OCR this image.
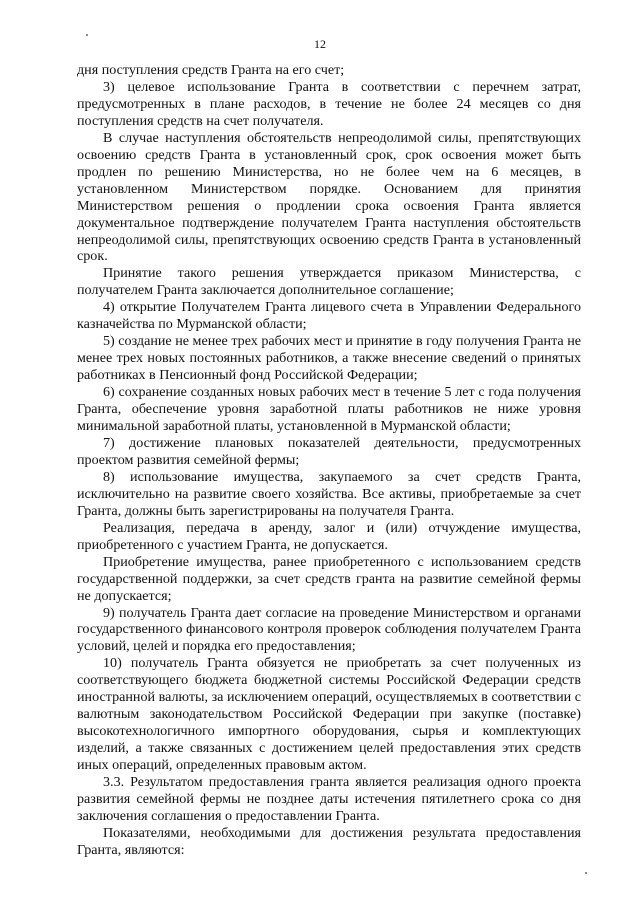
12

дня поступления средств Гранта на его счет;

3) целевое использование Гранта в соответствии с перечнем затрат, предусмотренных в плане расходов, в течение не более 24 месяцев со дня поступления средств на счет получателя.

В случае наступления обстоятельств непреодолимой силы, препятствующих освоению средств Гранта в установленный срок, срок освоения может быть продлен по решению Министерства, но не более чем на 6 месяцев, в установленном Министерством порядке. Основанием для принятия Министерством решения о продлении срока освоения Гранта является документальное подтверждение получателем Гранта наступления обстоятельств непреодолимой силы, препятствующих освоению средств Гранта в установленный срок.

Принятие такого решения утверждается приказом Министерства, с получателем Гранта заключается дополнительное соглашение;

4) открытие Получателем Гранта лицевого счета в Управлении Федерального казначейства по Мурманской области;

5) создание не менее трех рабочих мест и принятие в году получения Гранта не менее трех новых постоянных работников, а также внесение сведений о принятых работниках в Пенсионный фонд Российской Федерации;

6) сохранение созданных новых рабочих мест в течение 5 лет с года получения Гранта, обеспечение уровня заработной платы работников не ниже уровня минимальной заработной платы, установленной в Мурманской области;

7) достижение плановых показателей деятельности, предусмотренных проектом развития семейной фермы;

8) использование имущества, закупаемого за счет средств Гранта, исключительно на развитие своего хозяйства. Все активы, приобретаемые за счет Гранта, должны быть зарегистрированы на получателя Гранта.

Реализация, передача в аренду, залог и (или) отчуждение имущества, приобретенного с участием Гранта, не допускается.

Приобретение имущества, ранее приобретенного с использованием средств государственной поддержки, за счет средств гранта на развитие семейной фермы не допускается;

9) получатель Гранта дает согласие на проведение Министерством и органами государственного финансового контроля проверок соблюдения получателем Гранта условий, целей и порядка его предоставления;

10) получатель Гранта обязуется не приобретать за счет полученных из соответствующего бюджета бюджетной системы Российской Федерации средств иностранной валюты, за исключением операций, осуществляемых в соответствии с валютным законодательством Российской Федерации при закупке (поставке) высокотехнологичного импортного оборудования, сырья и комплектующих изделий, а также связанных с достижением целей предоставления этих средств иных операций, определенных правовым актом.

3.3. Результатом предоставления гранта является реализация одного проекта развития семейной фермы не позднее даты истечения пятилетнего срока со дня заключения соглашения о предоставлении Гранта.

Показателями, необходимыми для достижения результата предоставления Гранта, являются:
